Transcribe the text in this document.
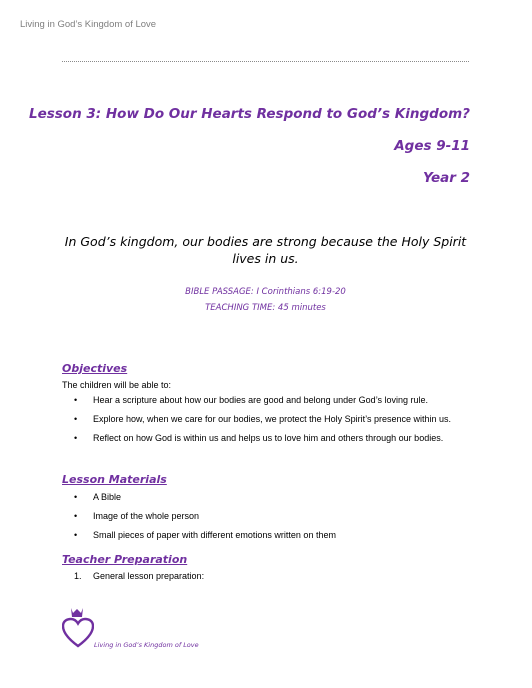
Living in God’s Kingdom of Love

Lesson 3: How Do Our Hearts Respond to God’s Kingdom?

Ages 9-11

Year 2

In God’s kingdom, our bodies are strong because the Holy Spirit lives in us.
BIBLE PASSAGE: I Corinthians 6:19-20
TEACHING TIME: 45 minutes
Objectives

The children will be able to:

• Hear a scripture about how our bodies are good and belong under God’s loving rule.
• Explore how, when we care for our bodies, we protect the Holy Spirit’s presence within us.
• Reflect on how God is within us and helps us to love him and others through our bodies.
Lesson Materials
• A Bible
• Image of the whole person
• Small pieces of paper with different emotions written on them
Teacher Preparation
1. General lesson preparation:
Living in God’s Kingdom of Love
